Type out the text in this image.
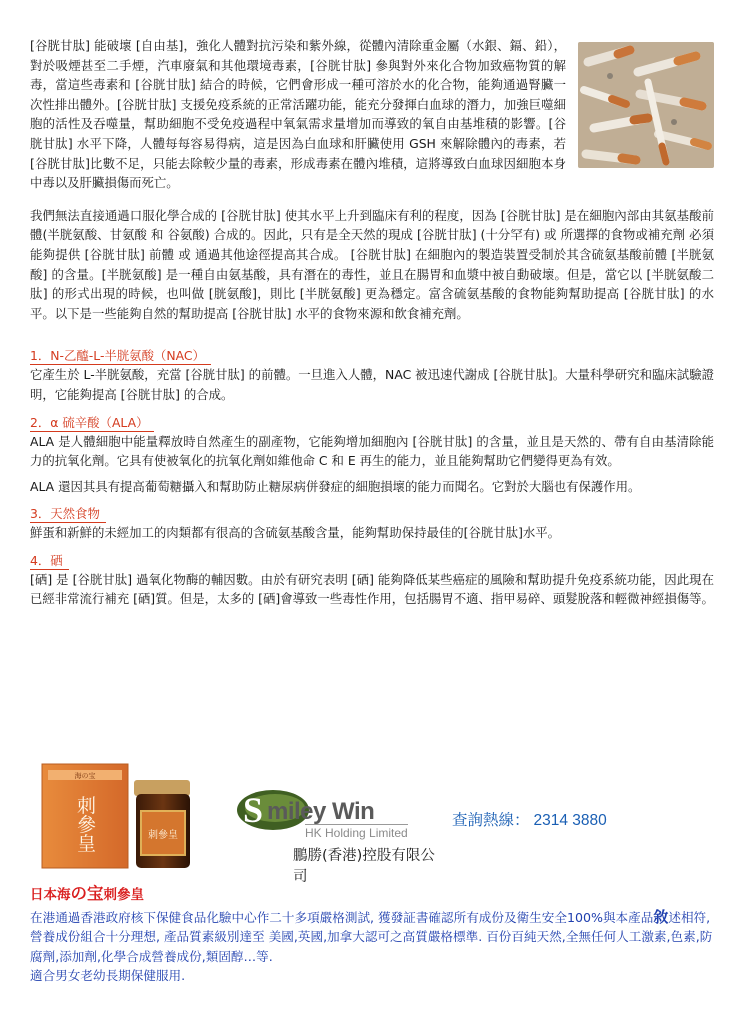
[谷胱甘肽] 能破壞 [自由基]，強化人體對抗污染和紫外線，從體內清除重金屬（水銀、鎘、鉛），對於吸煙甚至二手煙，汽車廢氣和其他環境毒素，[谷胱甘肽] 參與對外來化合物加致癌物質的解毒，當這些毒素和 [谷胱甘肽] 結合的時候，它們會形成一種可溶於水的化合物，能夠通過腎臟一次性排出體外。[谷胱甘肽] 支援免疫系統的正常活躍功能，能充分發揮白血球的潛力，加強巨噬細胞的活性及吞噬量，幫助細胞不受免疫過程中氧氣需求量增加而導致的氧自由基堆積的影響。[谷胱甘肽] 水平下降，人體每每容易得病，這是因為白血球和肝臟使用 GSH 來解除體內的毒素，若[谷胱甘肽]比數不足，只能去除較少量的毒素，形成毒素在體內堆積，這將導致白血球因細胞本身中毒以及肝臟損傷而死亡。

我們無法直接通過口服化學合成的 [谷胱甘肽] 使其水平上升到臨床有利的程度，因為 [谷胱甘肽] 是在細胞內部由其氨基酸前體(半胱氨酸、甘氨酸 和 谷氨酸) 合成的。因此，只有是全天然的現成 [谷胱甘肽] (十分罕有) 或 所選擇的食物或補充劑 必須能夠提供 [谷胱甘肽] 前體 或 通過其他途徑提高其合成。 [谷胱甘肽] 在細胞內的製造裝置受制於其含硫氨基酸前體 [半胱氨酸] 的含量。[半胱氨酸] 是一種自由氨基酸，具有潛在的毒性，並且在腸胃和血漿中被自動破壞。但是，當它以 [半胱氨酸二肽] 的形式出現的時候，也叫做 [胱氨酸]，則比 [半胱氨酸] 更為穩定。富含硫氨基酸的食物能夠幫助提高 [谷胱甘肽] 的水平。以下是一些能夠自然的幫助提高 [谷胱甘肽] 水平的食物來源和飲食補充劑。

1．N-乙醯-L-半胱氨酸（NAC）

它產生於 L-半胱氨酸，充當 [谷胱甘肽] 的前體。一旦進入人體，NAC 被迅速代謝成 [谷胱甘肽]。大量科學研究和臨床試驗證明，它能夠提高 [谷胱甘肽] 的合成。

2．α 硫辛酸（ALA）

ALA 是人體細胞中能量釋放時自然產生的副產物，它能夠增加細胞內 [谷胱甘肽] 的含量，並且是天然的、帶有自由基清除能力的抗氧化劑。它具有使被氧化的抗氧化劑如維他命 C 和 E 再生的能力，並且能夠幫助它們變得更為有效。

ALA 還因其具有提高葡萄糖攝入和幫助防止糖尿病併發症的細胞損壞的能力而聞名。它對於大腦也有保護作用。

3．天然食物

鮮蛋和新鮮的未經加工的肉類都有很高的含硫氨基酸含量，能夠幫助保持最佳的[谷胱甘肽]水平。

4．硒

[硒] 是 [谷胱甘肽] 過氧化物酶的輔因數。由於有研究表明 [硒] 能夠降低某些癌症的風險和幫助提升免疫系統功能，因此現在已經非常流行補充 [硒]質。但是，太多的 [硒]會導致一些毒性作用，包括腸胃不適、指甲易碎、頭髮脫落和輕微神經損傷等。

海の宝
刺參皇	刺參皇
S miley Win
HK Holding Limited
鵬勝(香港)控股有限公司
查詢熱線： 2314 3880
日本海の宝刺參皇
在港通過香港政府核下保健食品化驗中心作二十多項嚴格測試, 獲發証書確認所有成份及衛生安全100%與本產品敘述相符,營養成份組合十分理想, 產品質素級別達至 美國,英國,加拿大認可之高質嚴格標準. 百份百純天然,全無任何人工激素,色素,防腐劑,添加劑,化學合成營養成份,類固醇…等.
適合男女老幼長期保健服用.
